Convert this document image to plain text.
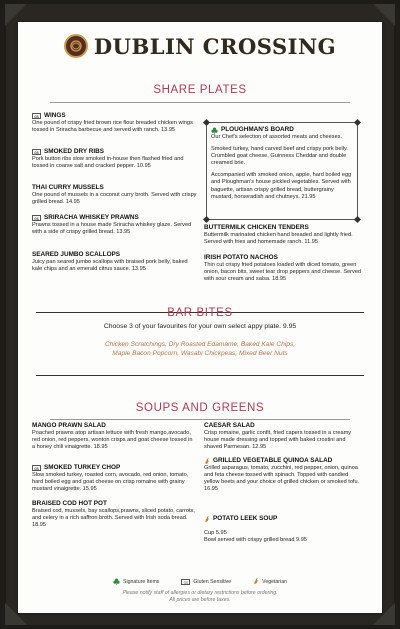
DUBLIN CROSSING
SHARE PLATES
GS WINGS
One pound of crispy fried brown rice flour breaded chicken wings tossed in Sriracha barbecue and served with ranch. 13.95
GS SMOKED DRY RIBS
Pork button ribs slow smoked in-house then flashed fried and tossed in coarse salt and cracked pepper. 10.95
THAI CURRY MUSSELS
One pound of mussels in a coconut curry broth. Served with crispy grilled bread. 14.95
GS SRIRACHA WHISKEY PRAWNS
Prawns tossed in a house made Sriracha whiskey glaze. Served with a side of crispy grilled bread. 13.95
SEARED JUMBO SCALLOPS
Juicy pan seared jumbo scallops with braised pork belly, baked kale chips and an emerald citrus sauce. 13.95
PLOUGHMAN'S BOARD
Our Chef's selection of assorted meats and cheeses.
Smoked turkey, hand carved beef and crispy pork belly. Crumbled goat cheese, Guinness Cheddar and double creamed brie.
Accompanied with smoked onion, apple, hard boiled egg and Ploughman's house pickled vegetables. Served with baguette, artisan crispy grilled bread, buttergrainy mustard, horseradish and chutneys. 21.95
BUTTERMILK CHICKEN TENDERS
Buttermilk marinated chicken hand breaded and lightly fried. Served with fries and homemade ranch. 11.95
IRISH POTATO NACHOS
Thin cut crispy fried potatoes loaded with diced tomato, green onion, bacon bits, sweet tear drop peppers and cheese. Served with sour cream and salsa. 18.95
BAR BITES
Choose 3 of your favourites for your own select appy plate. 9.95
Chicken Scratchings, Dry Roasted Edamame, Baked Kale Chips,
Maple Bacon Popcorn, Wasabi Chickpeas, Mixed Beer Nuts
SOUPS AND GREENS
MANGO PRAWN SALAD
Poached prawns atop artisan lettuce with fresh mango,avocado, red onion, red peppers, wonton crisps and goat cheese tossed in a honey chili vinaigrette. 18.95
GS SMOKED TURKEY CHOP
Slow smoked turkey, roasted corn, avocado, red onion, tomato, hard boiled egg and goat cheese on crisp romaine with grainy mustard vinaigrette. 15.95
BRAISED COD HOT POT
Braised cod, mussels, bay scallops,prawns, sliced potato, carrots, and celery in a rich saffron broth. Served with Irish soda bread. 18.95
CAESAR SALAD
Crisp romaine, garlic confit, fried capers tossed in a creamy house made dressing and topped with baked crostini and shaved Parmesan. 12.95
GRILLED VEGETABLE QUINOA SALAD
Grilled asparagus, tomato, zucchini, red pepper, onion, quinoa and feta cheese tossed with spinach. Topped with candied yellow beets and your choice of grilled chicken or smoked tofu. 16.95

POTATO LEEK SOUP

Cup 5.95
Bowl served with crispy grilled bread 9.95

Signature Items	GS	Gluten Sensitive	Vegetarian
Please notify staff of allergies or dietary restrictions before ordering.
All prices are before taxes.
